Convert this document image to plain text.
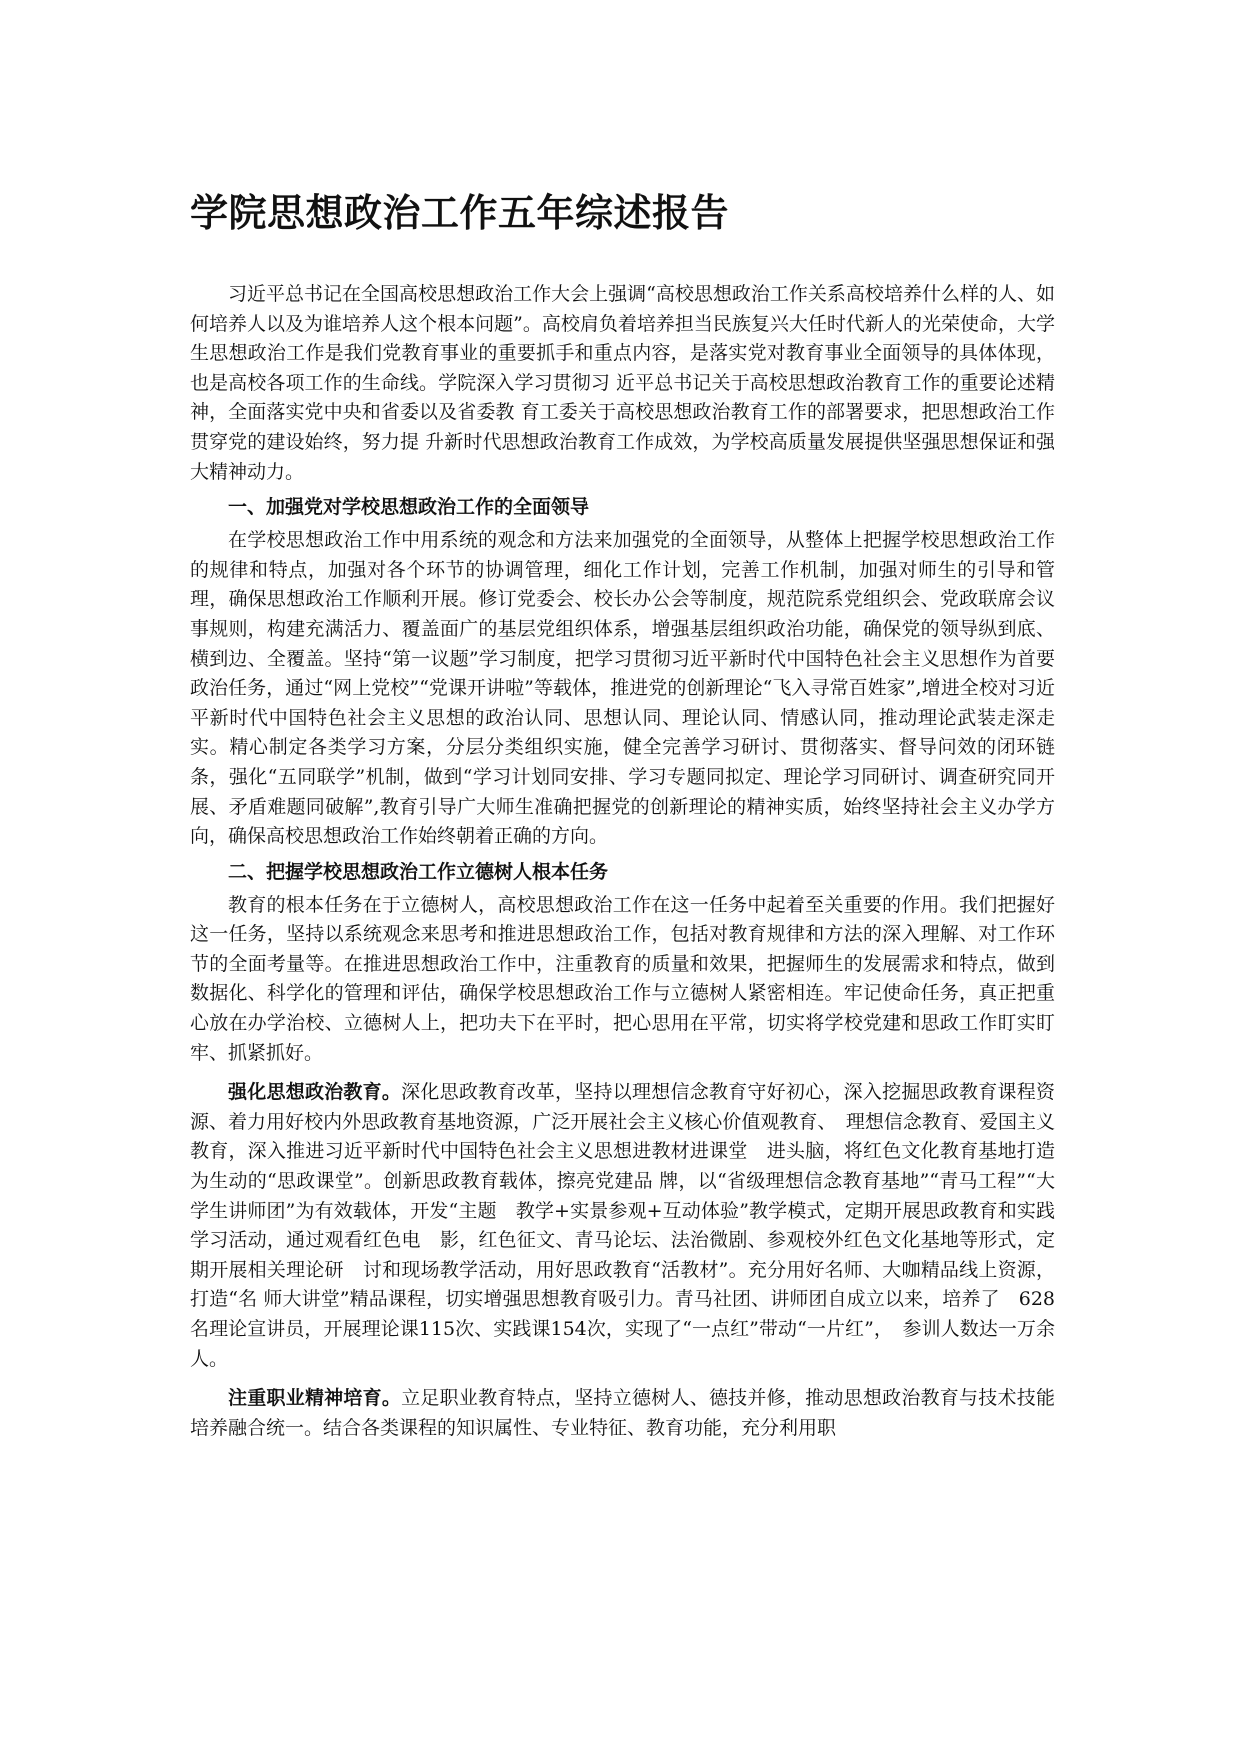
学院思想政治工作五年综述报告

习近平总书记在全国高校思想政治工作大会上强调“高校思想政治工作关系高校培养什么样的人、如何培养人以及为谁培养人这个根本问题”。高校肩负着培养担当民族复兴大任时代新人的光荣使命，大学生思想政治工作是我们党教育事业的重要抓手和重点内容，是落实党对教育事业全面领导的具体体现，也是高校各项工作的生命线。学院深入学习贯彻习 近平总书记关于高校思想政治教育工作的重要论述精神，全面落实党中央和省委以及省委教 育工委关于高校思想政治教育工作的部署要求，把思想政治工作贯穿党的建设始终，努力提 升新时代思想政治教育工作成效，为学校高质量发展提供坚强思想保证和强大精神动力。

一、加强党对学校思想政治工作的全面领导

在学校思想政治工作中用系统的观念和方法来加强党的全面领导，从整体上把握学校思想政治工作的规律和特点，加强对各个环节的协调管理，细化工作计划，完善工作机制，加强对师生的引导和管理，确保思想政治工作顺利开展。修订党委会、校长办公会等制度，规范院系党组织会、党政联席会议事规则，构建充满活力、覆盖面广的基层党组织体系，增强基层组织政治功能，确保党的领导纵到底、横到边、全覆盖。坚持“第一议题”学习制度，把学习贯彻习近平新时代中国特色社会主义思想作为首要政治任务，通过“网上党校”“党课开讲啦”等载体，推进党的创新理论“飞入寻常百姓家”,增进全校对习近平新时代中国特色社会主义思想的政治认同、思想认同、理论认同、情感认同，推动理论武装走深走实。精心制定各类学习方案，分层分类组织实施，健全完善学习研讨、贯彻落实、督导问效的闭环链条，强化“五同联学”机制，做到“学习计划同安排、学习专题同拟定、理论学习同研讨、调查研究同开展、矛盾难题同破解”,教育引导广大师生准确把握党的创新理论的精神实质，始终坚持社会主义办学方向，确保高校思想政治工作始终朝着正确的方向。

二、把握学校思想政治工作立德树人根本任务

教育的根本任务在于立德树人，高校思想政治工作在这一任务中起着至关重要的作用。我们把握好这一任务，坚持以系统观念来思考和推进思想政治工作，包括对教育规律和方法的深入理解、对工作环节的全面考量等。在推进思想政治工作中，注重教育的质量和效果，把握师生的发展需求和特点，做到数据化、科学化的管理和评估，确保学校思想政治工作与立德树人紧密相连。牢记使命任务，真正把重心放在办学治校、立德树人上，把功夫下在平时，把心思用在平常，切实将学校党建和思政工作盯实盯牢、抓紧抓好。

强化思想政治教育。深化思政教育改革，坚持以理想信念教育守好初心，深入挖掘思政教育课程资源、着力用好校内外思政教育基地资源，广泛开展社会主义核心价值观教育、　理想信念教育、爱国主义教育，深入推进习近平新时代中国特色社会主义思想进教材进课堂　进头脑，将红色文化教育基地打造为生动的“思政课堂”。创新思政教育载体，擦亮党建品 牌，以“省级理想信念教育基地”“青马工程”“大学生讲师团”为有效载体，开发“主题　教学+实景参观+互动体验”教学模式，定期开展思政教育和实践学习活动，通过观看红色电　影，红色征文、青马论坛、法治微剧、参观校外红色文化基地等形式，定期开展相关理论研　讨和现场教学活动，用好思政教育“活教材”。充分用好名师、大咖精品线上资源，打造“名 师大讲堂”精品课程，切实增强思想教育吸引力。青马社团、讲师团自成立以来，培养了　628名理论宣讲员，开展理论课115次、实践课154次，实现了“一点红”带动“一片红”，　参训人数达一万余人。

注重职业精神培育。立足职业教育特点，坚持立德树人、德技并修，推动思想政治教育与技术技能培养融合统一。结合各类课程的知识属性、专业特征、教育功能，充分利用职
